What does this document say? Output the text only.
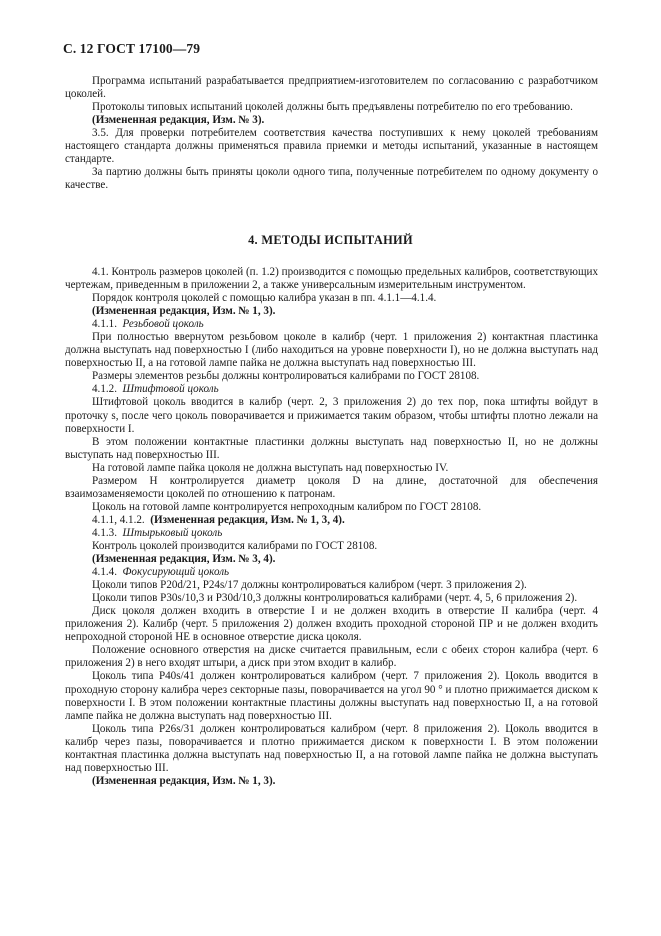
С. 12 ГОСТ 17100—79

Программа испытаний разрабатывается предприятием-изготовителем по согласованию с разработчиком цоколей.

Протоколы типовых испытаний цоколей должны быть предъявлены потребителю по его требованию.

(Измененная редакция, Изм. № 3).

3.5. Для проверки потребителем соответствия качества поступивших к нему цоколей требованиям настоящего стандарта должны применяться правила приемки и методы испытаний, указанные в настоящем стандарте.

За партию должны быть приняты цоколи одного типа, полученные потребителем по одному документу о качестве.

4. МЕТОДЫ ИСПЫТАНИЙ

4.1. Контроль размеров цоколей (п. 1.2) производится с помощью предельных калибров, соответствующих чертежам, приведенным в приложении 2, а также универсальным измерительным инструментом.

Порядок контроля цоколей с помощью калибра указан в пп. 4.1.1—4.1.4.

(Измененная редакция, Изм. № 1, 3).

4.1.1. Резьбовой цоколь

При полностью ввернутом резьбовом цоколе в калибр (черт. 1 приложения 2) контактная пластинка должна выступать над поверхностью I (либо находиться на уровне поверхности I), но не должна выступать над поверхностью II, а на готовой лампе пайка не должна выступать над поверхностью III.

Размеры элементов резьбы должны контролироваться калибрами по ГОСТ 28108.

4.1.2. Штифтовой цоколь

Штифтовой цоколь вводится в калибр (черт. 2, 3 приложения 2) до тех пор, пока штифты войдут в проточку s, после чего цоколь поворачивается и прижимается таким образом, чтобы штифты плотно лежали на поверхности I.

В этом положении контактные пластинки должны выступать над поверхностью II, но не должны выступать над поверхностью III.

На готовой лампе пайка цоколя не должна выступать над поверхностью IV.

Размером H контролируется диаметр цоколя D на длине, достаточной для обеспечения взаимозаменяемости цоколей по отношению к патронам.

Цоколь на готовой лампе контролируется непроходным калибром по ГОСТ 28108.

4.1.1, 4.1.2. (Измененная редакция, Изм. № 1, 3, 4).

4.1.3. Штырьковый цоколь

Контроль цоколей производится калибрами по ГОСТ 28108.

(Измененная редакция, Изм. № 3, 4).

4.1.4. Фокусирующий цоколь

Цоколи типов P20d/21, P24s/17 должны контролироваться калибром (черт. 3 приложения 2).

Цоколи типов P30s/10,3 и P30d/10,3 должны контролироваться калибрами (черт. 4, 5, 6 приложения 2).

Диск цоколя должен входить в отверстие I и не должен входить в отверстие II калибра (черт. 4 приложения 2). Калибр (черт. 5 приложения 2) должен входить проходной стороной ПР и не должен входить непроходной стороной НЕ в основное отверстие диска цоколя.

Положение основного отверстия на диске считается правильным, если с обеих сторон калибра (черт. 6 приложения 2) в него входят штыри, а диск при этом входит в калибр.

Цоколь типа P40s/41 должен контролироваться калибром (черт. 7 приложения 2). Цоколь вводится в проходную сторону калибра через секторные пазы, поворачивается на угол 90 ° и плотно прижимается диском к поверхности I. В этом положении контактные пластины должны выступать над поверхностью II, а на готовой лампе пайка не должна выступать над поверхностью III.

Цоколь типа P26s/31 должен контролироваться калибром (черт. 8 приложения 2). Цоколь вводится в калибр через пазы, поворачивается и плотно прижимается диском к поверхности I. В этом положении контактная пластинка должна выступать над поверхностью II, а на готовой лампе пайка не должна выступать над поверхностью III.

(Измененная редакция, Изм. № 1, 3).
